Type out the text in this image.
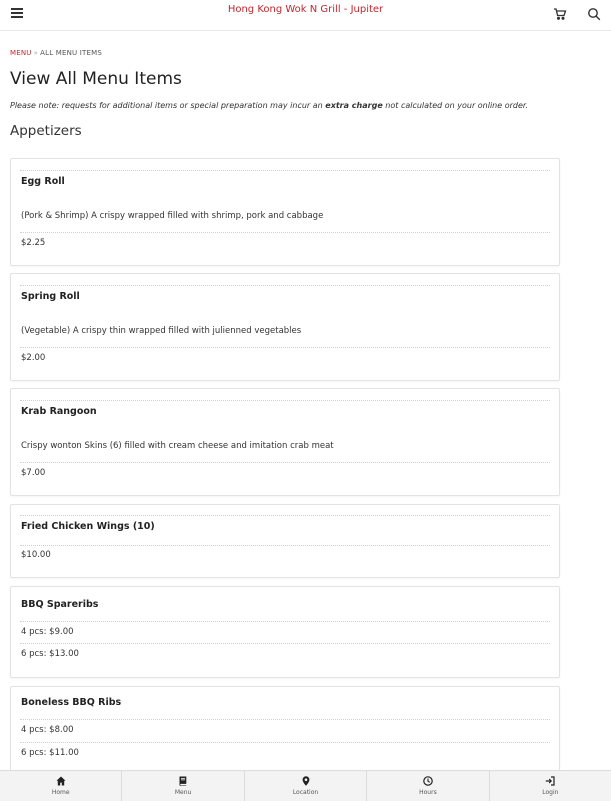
Hong Kong Wok N Grill - Jupiter
MENU » ALL MENU ITEMS
View All Menu Items
Please note: requests for additional items or special preparation may incur an extra charge not calculated on your online order.
Appetizers
Egg Roll
(Pork & Shrimp) A crispy wrapped filled with shrimp, pork and cabbage
$2.25
Spring Roll
(Vegetable) A crispy thin wrapped filled with julienned vegetables
$2.00
Krab Rangoon
Crispy wonton Skins (6) filled with cream cheese and imitation crab meat
$7.00
Fried Chicken Wings (10)
$10.00
BBQ Spareribs
4 pcs: $9.00
6 pcs: $13.00
Boneless BBQ Ribs
4 pcs: $8.00
6 pcs: $11.00
Home	Menu	Location	Hours	Login
